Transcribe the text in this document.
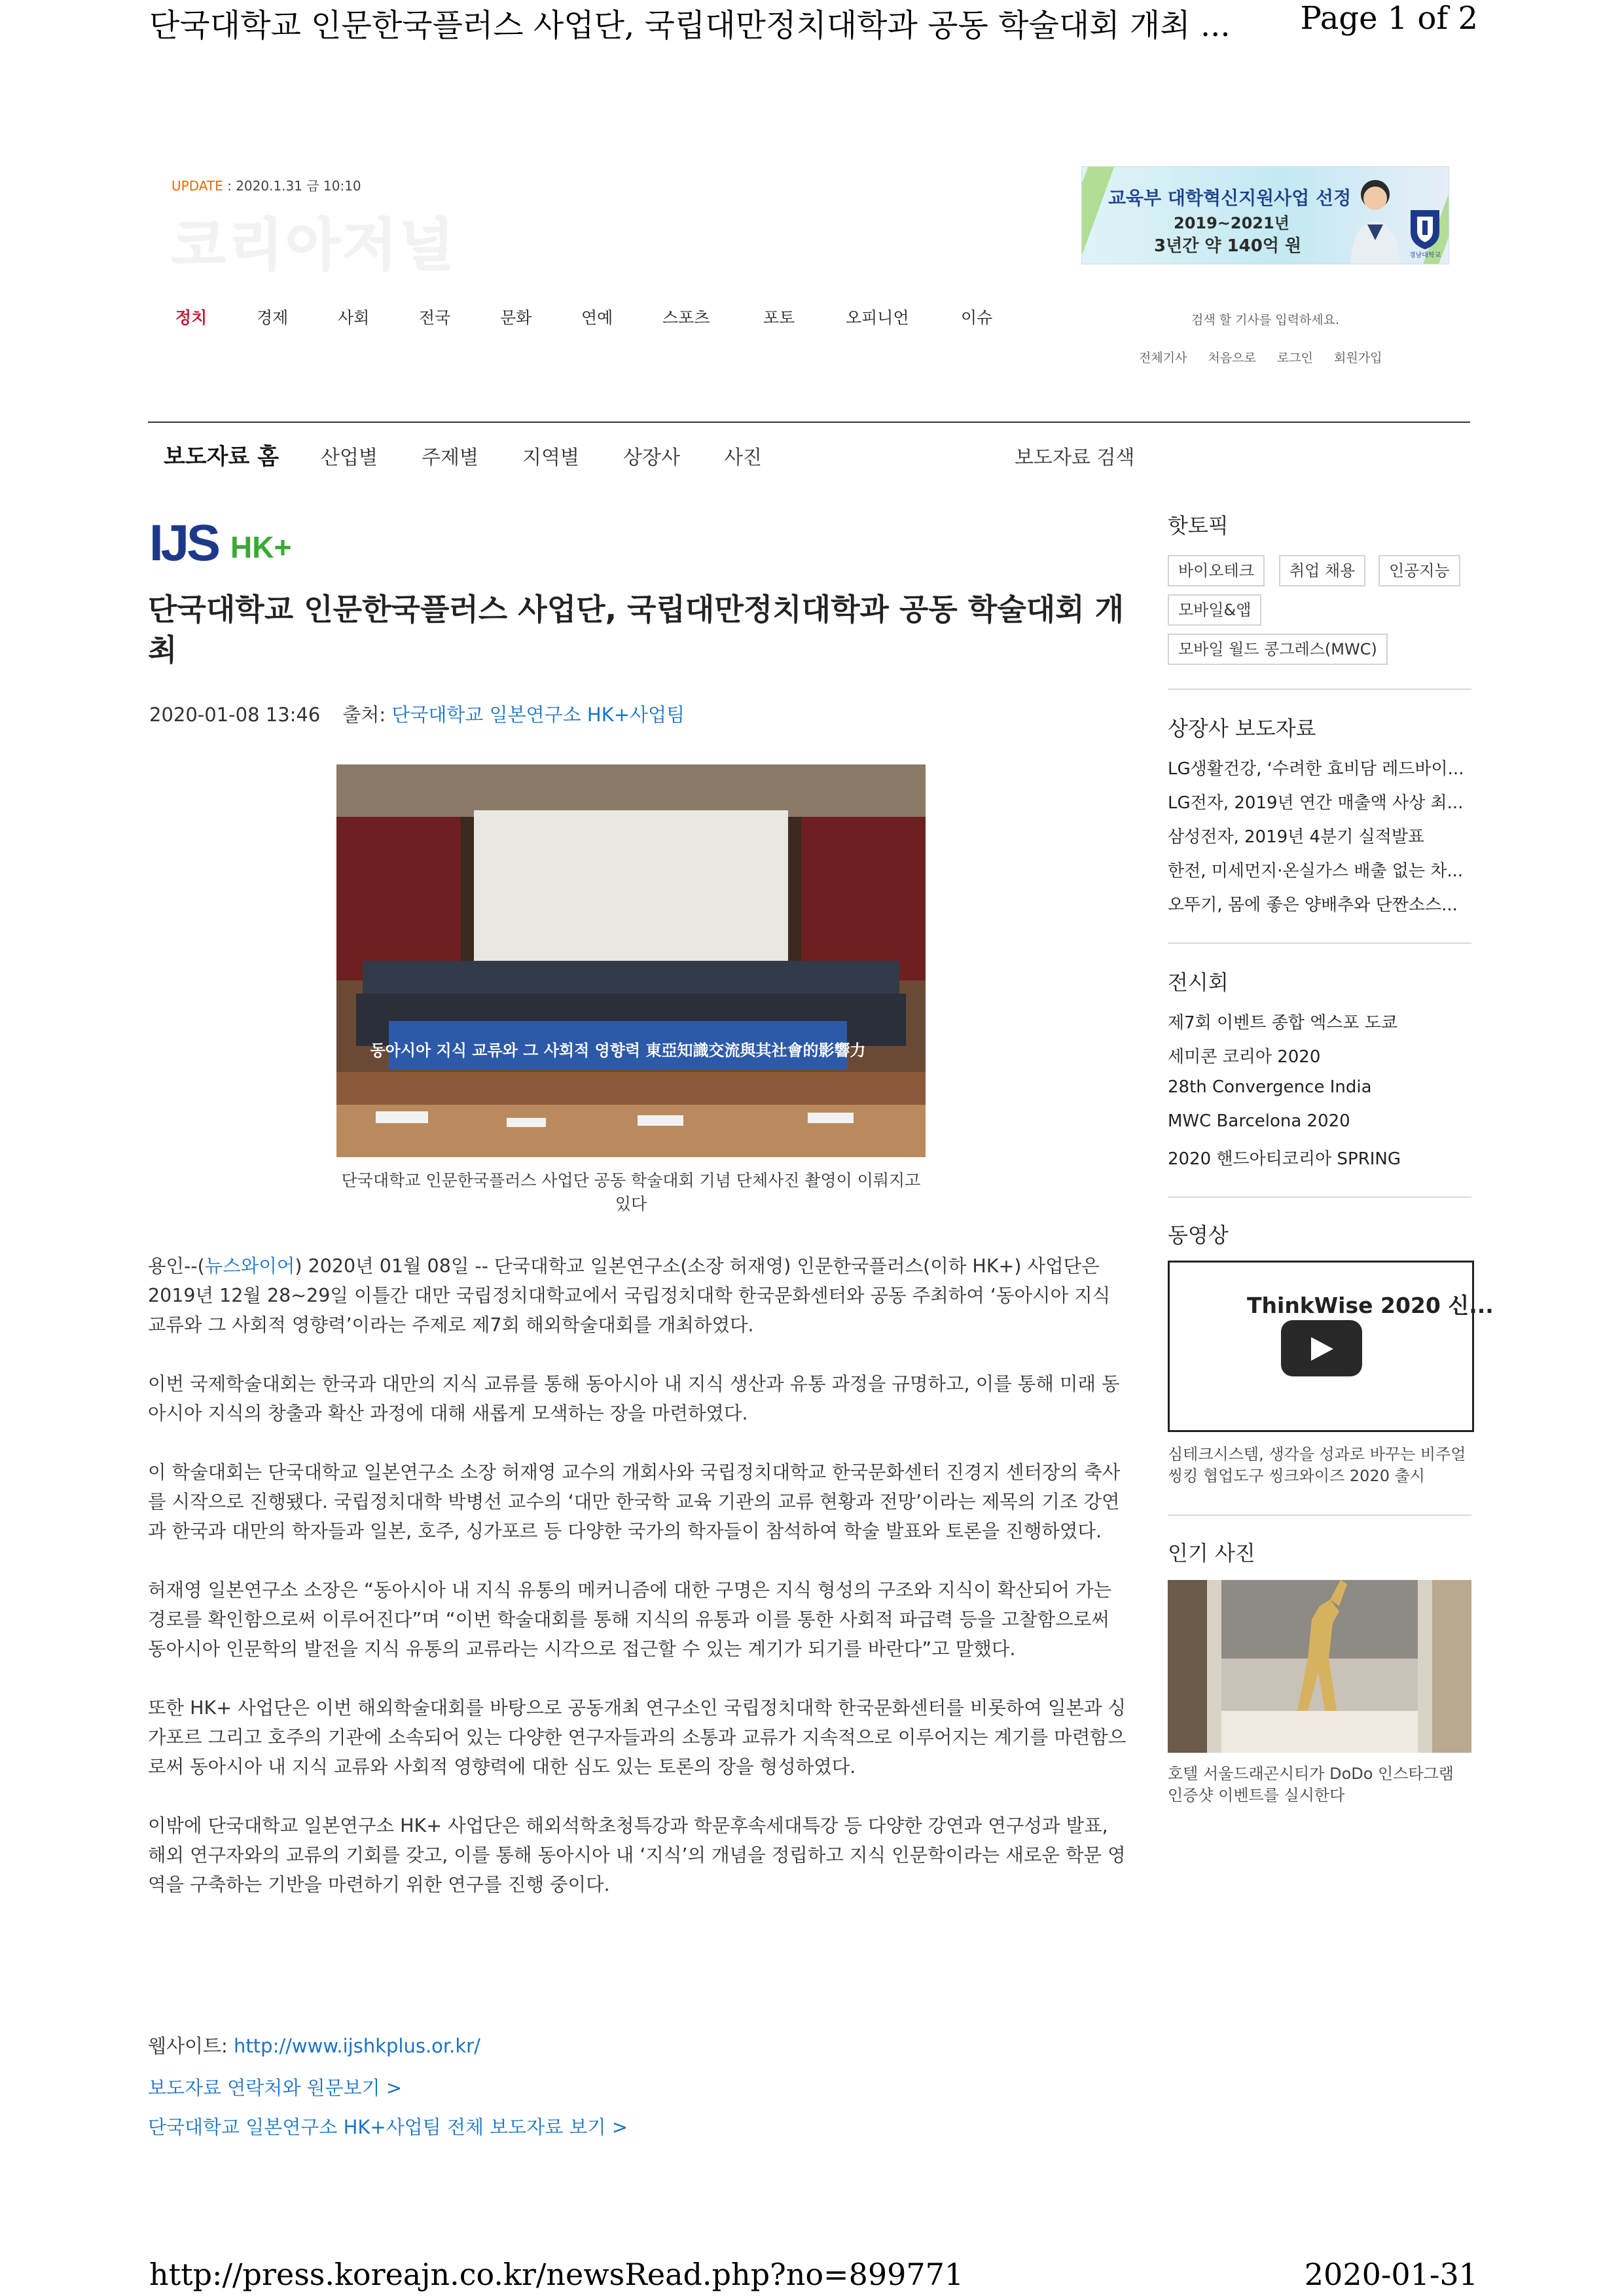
단국대학교 인문한국플러스 사업단, 국립대만정치대학과 공동 학술대회 개최 ... Page 1 of 2
UPDATE : 2020.1.31 금 10:10
코리아저널
교육부 대학혁신지원사업 선정
2019~2021년
3년간 약 140억 원	경남대학교
정치	경제	사회	전국	문화	연예	스포츠	포토	오피니언	이슈	검색 할 기사를 입력하세요.
전체기사 처음으로 로그인 회원가입
보도자료 홈 산업별 주제별 지역별 상장사 사진	보도자료 검색
IJS HK+
단국대학교 인문한국플러스 사업단, 국립대만정치대학과 공동 학술대회 개최
2020-01-08 13:46 출처: 단국대학교 일본연구소 HK+사업팀
동아시아 지식 교류와 그 사회적 영향력 東亞知識交流與其社會的影響力
단국대학교 인문한국플러스 사업단 공동 학술대회 기념 단체사진 촬영이 이뤄지고 있다

용인--(뉴스와이어) 2020년 01월 08일 -- 단국대학교 일본연구소(소장 허재영) 인문한국플러스(이하 HK+) 사업단은 2019년 12월 28~29일 이틀간 대만 국립정치대학교에서 국립정치대학 한국문화센터와 공동 주최하여 ‘동아시아 지식 교류와 그 사회적 영향력’이라는 주제로 제7회 해외학술대회를 개최하였다.

이번 국제학술대회는 한국과 대만의 지식 교류를 통해 동아시아 내 지식 생산과 유통 과정을 규명하고, 이를 통해 미래 동아시아 지식의 창출과 확산 과정에 대해 새롭게 모색하는 장을 마련하였다.

이 학술대회는 단국대학교 일본연구소 소장 허재영 교수의 개회사와 국립정치대학교 한국문화센터 진경지 센터장의 축사를 시작으로 진행됐다. 국립정치대학 박병선 교수의 ‘대만 한국학 교육 기관의 교류 현황과 전망’이라는 제목의 기조 강연과 한국과 대만의 학자들과 일본, 호주, 싱가포르 등 다양한 국가의 학자들이 참석하여 학술 발표와 토론을 진행하였다.

허재영 일본연구소 소장은 “동아시아 내 지식 유통의 메커니즘에 대한 구명은 지식 형성의 구조와 지식이 확산되어 가는 경로를 확인함으로써 이루어진다”며 “이번 학술대회를 통해 지식의 유통과 이를 통한 사회적 파급력 등을 고찰함으로써 동아시아 인문학의 발전을 지식 유통의 교류라는 시각으로 접근할 수 있는 계기가 되기를 바란다”고 말했다.

또한 HK+ 사업단은 이번 해외학술대회를 바탕으로 공동개최 연구소인 국립정치대학 한국문화센터를 비롯하여 일본과 싱가포르 그리고 호주의 기관에 소속되어 있는 다양한 연구자들과의 소통과 교류가 지속적으로 이루어지는 계기를 마련함으로써 동아시아 내 지식 교류와 사회적 영향력에 대한 심도 있는 토론의 장을 형성하였다.

이밖에 단국대학교 일본연구소 HK+ 사업단은 해외석학초청특강과 학문후속세대특강 등 다양한 강연과 연구성과 발표, 해외 연구자와의 교류의 기회를 갖고, 이를 통해 동아시아 내 ‘지식’의 개념을 정립하고 지식 인문학이라는 새로운 학문 영역을 구축하는 기반을 마련하기 위한 연구를 진행 중이다.

웹사이트: http://www.ijshkplus.or.kr/
보도자료 연락처와 원문보기 >
단국대학교 일본연구소 HK+사업팀 전체 보도자료 보기 >
핫토픽
바이오테크	취업 채용	인공지능
모바일&앱
모바일 월드 콩그레스(MWC)
상장사 보도자료
LG생활건강, ‘수려한 효비담 레드바이...
LG전자, 2019년 연간 매출액 사상 최...
삼성전자, 2019년 4분기 실적발표
한전, 미세먼지·온실가스 배출 없는 차...
오뚜기, 몸에 좋은 양배추와 단짠소스...
전시회
제7회 이벤트 종합 엑스포 도쿄
세미콘 코리아 2020
28th Convergence India
MWC Barcelona 2020
2020 핸드아티코리아 SPRING
동영상
ThinkWise 2020 신...
심테크시스템, 생각을 성과로 바꾸는 비주얼씽킹 협업도구 씽크와이즈 2020 출시
인기 사진
호텔 서울드래곤시티가 DoDo 인스타그램 인증샷 이벤트를 실시한다
http://press.koreajn.co.kr/newsRead.php?no=899771	2020-01-31
